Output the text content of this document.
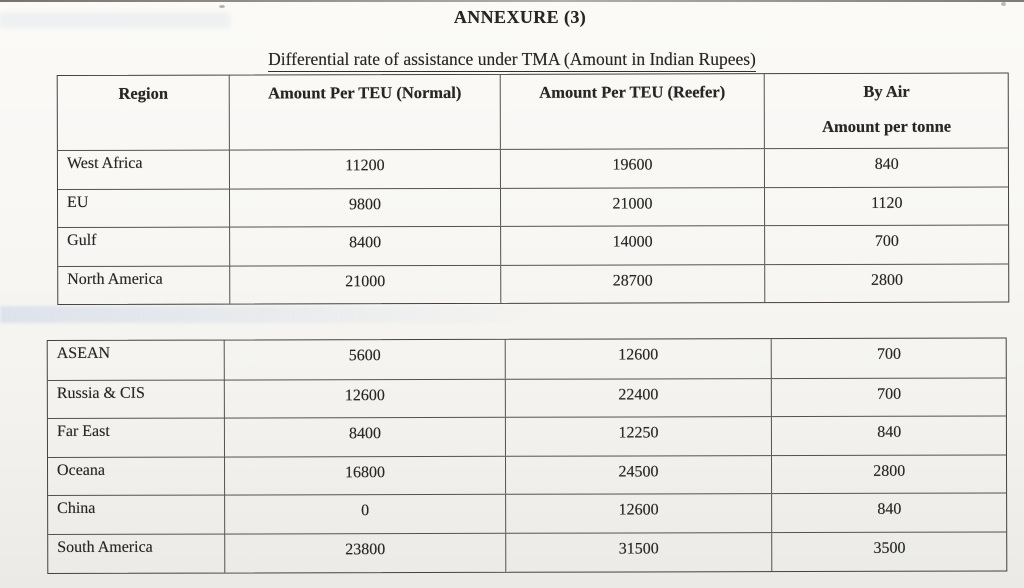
ANNEXURE (3)

Differential rate of assistance under TMA (Amount in Indian Rupees)
Region	Amount Per TEU (Normal)	Amount Per TEU (Reefer)	By Air
Amount per tonne
West Africa	11200	19600	840
EU	9800	21000	1120
Gulf	8400	14000	700
North America	21000	28700	2800
ASEAN	5600	12600	700
Russia & CIS	12600	22400	700
Far East	8400	12250	840
Oceana	16800	24500	2800
China	0	12600	840
South America	23800	31500	3500
